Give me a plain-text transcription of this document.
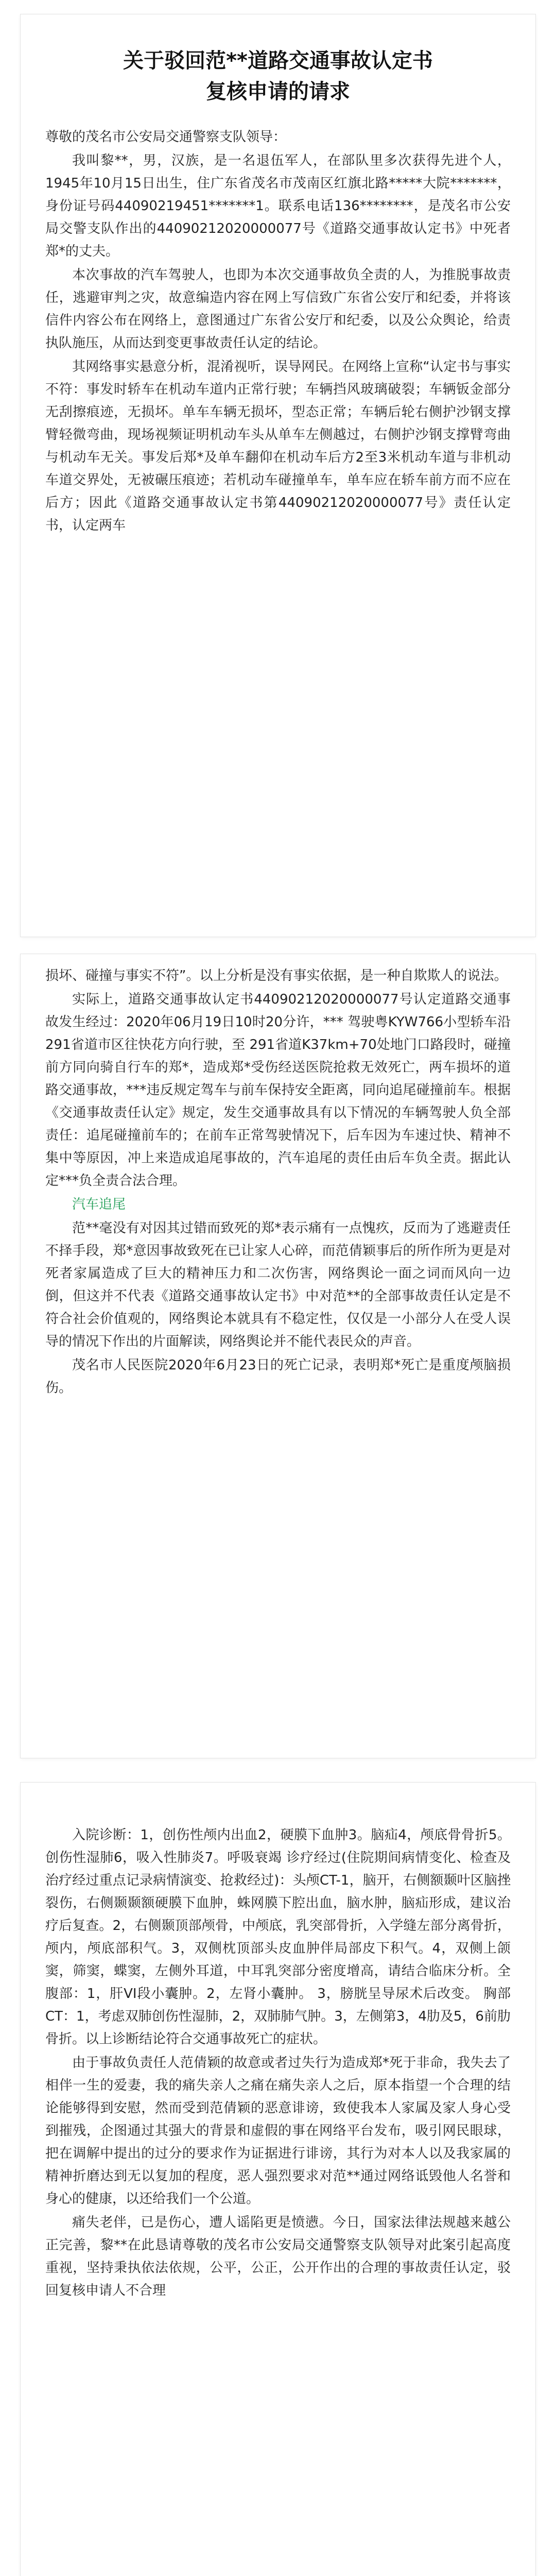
关于驳回范**道路交通事故认定书
复核申请的请求

尊敬的茂名市公安局交通警察支队领导：

我叫黎**，男，汉族，是一名退伍军人，在部队里多次获得先进个人，1945年10月15日出生，住广东省茂名市茂南区红旗北路*****大院*******，身份证号码44090219451*******1。联系电话136********，是茂名市公安局交警支队作出的44090212020000077号《道路交通事故认定书》中死者郑*的丈夫。

本次事故的汽车驾驶人，也即为本次交通事故负全责的人，为推脱事故责任，逃避审判之灾，故意编造内容在网上写信致广东省公安厅和纪委，并将该信件内容公布在网络上，意图通过广东省公安厅和纪委，以及公众舆论，给责执队施压，从而达到变更事故责任认定的结论。

其网络事实悬意分析，混淆视听，误导网民。在网络上宣称“认定书与事实不符：事发时轿车在机动车道内正常行驶；车辆挡风玻璃破裂；车辆钣金部分无刮擦痕迹，无损坏。单车车辆无损坏，型态正常；车辆后轮右侧护沙钢支撑臂轻微弯曲，现场视频证明机动车头从单车左侧越过，右侧护沙钢支撑臂弯曲与机动车无关。事发后郑*及单车翻仰在机动车后方2至3米机动车道与非机动车道交界处，无被碾压痕迹；若机动车碰撞单车，单车应在轿车前方而不应在后方；因此《道路交通事故认定书第44090212020000077号》责任认定书，认定两车

损坏、碰撞与事实不符”。以上分析是没有事实依据，是一种自欺欺人的说法。

实际上，道路交通事故认定书44090212020000077号认定道路交通事故发生经过：2020年06月19日10时20分许，*** 驾驶粤KYW766小型轿车沿291省道市区往快花方向行驶，至 291省道K37km+70处地门口路段时，碰撞前方同向骑自行车的郑*，造成郑*受伤经送医院抢救无效死亡，两车损坏的道路交通事故，***违反规定驾车与前车保持安全距离，同向追尾碰撞前车。根据《交通事故责任认定》规定，发生交通事故具有以下情况的车辆驾驶人负全部责任：追尾碰撞前车的；在前车正常驾驶情况下，后车因为车速过快、精神不集中等原因，冲上来造成追尾事故的，汽车追尾的责任由后车负全责。据此认定***负全责合法合理。

汽车追尾

范**毫没有对因其过错而致死的郑*表示痛有一点愧疚，反而为了逃避责任不择手段，郑*意因事故致死在已让家人心碎，而范倩颖事后的所作所为更是对死者家属造成了巨大的精神压力和二次伤害，网络舆论一面之词而风向一边倒，但这并不代表《道路交通事故认定书》中对范**的全部事故责任认定是不符合社会价值观的，网络舆论本就具有不稳定性，仅仅是一小部分人在受人误导的情况下作出的片面解读，网络舆论并不能代表民众的声音。

茂名市人民医院2020年6月23日的死亡记录，表明郑*死亡是重度颅脑损伤。

入院诊断：1，创伤性颅内出血2，硬膜下血肿3。脑疝4，颅底骨骨折5。创伤性湿肺6，吸入性肺炎7。呼吸衰竭 诊疗经过(住院期间病情变化、检查及治疗经过重点记录病情演变、抢救经过)：头颅CT-1，脑开，右侧额颞叶区脑挫裂伤，右侧颞颞额硬膜下血肿，蛛网膜下腔出血，脑水肿，脑疝形成，建议治疗后复查。2，右侧颞顶部颅骨，中颅底，乳突部骨折，入学缝左部分离骨折，颅内，颅底部积气。3，双侧枕顶部头皮血肿伴局部皮下积气。4，双侧上颌窦，筛窦，蝶窦，左侧外耳道，中耳乳突部分密度增高，请结合临床分析。全腹部：1，肝VI段小囊肿。2，左肾小囊肿。 3，膀胱呈导尿术后改变。 胸部CT：1，考虑双肺创伤性湿肺，2，双肺肺气肿。3，左侧第3，4肋及5，6前肋骨折。以上诊断结论符合交通事故死亡的症状。

由于事故负责任人范倩颖的故意或者过失行为造成郑*死于非命，我失去了相伴一生的爱妻，我的痛失亲人之痛在痛失亲人之后，原本指望一个合理的结论能够得到安慰，然而受到范倩颖的恶意诽谤，致使我本人家属及家人身心受到摧残，企图通过其强大的背景和虚假的事在网络平台发布，吸引网民眼球，把在调解中提出的过分的要求作为证据进行诽谤，其行为对本人以及我家属的精神折磨达到无以复加的程度，恶人强烈要求对范**通过网络诋毁他人名誉和身心的健康，以还给我们一个公道。

痛失老伴，已是伤心，遭人谣陷更是愤懑。今日，国家法律法规越来越公正完善，黎**在此恳请尊敬的茂名市公安局交通警察支队领导对此案引起高度重视，坚持秉执依法依规，公平，公正，公开作出的合理的事故责任认定，驳回复核申请人不合理
